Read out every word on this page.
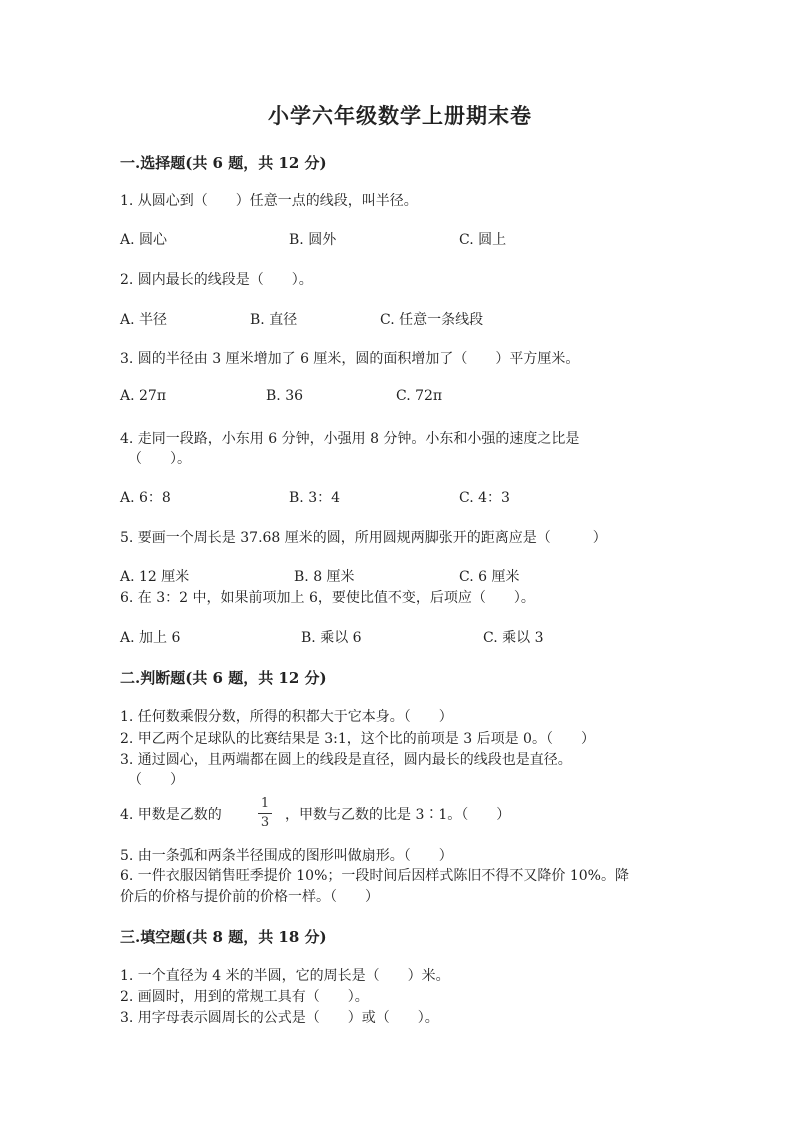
小学六年级数学上册期末卷
一.选择题(共 6 题，共 12 分)
1. 从圆心到（　　）任意一点的线段，叫半径。
A. 圆心	B. 圆外	C. 圆上
2. 圆内最长的线段是（　　）。
A. 半径	B. 直径	C. 任意一条线段
3. 圆的半径由 3 厘米增加了 6 厘米，圆的面积增加了（　　）平方厘米。
A. 27π	B. 36	C. 72π
4. 走同一段路，小东用 6 分钟，小强用 8 分钟。小东和小强的速度之比是
（　　）。
A. 6：8	B. 3：4	C. 4：3
5. 要画一个周长是 37.68 厘米的圆，所用圆规两脚张开的距离应是（　　　）
A. 12 厘米	B. 8 厘米	C. 6 厘米
6. 在 3：2 中，如果前项加上 6，要使比值不变，后项应（　　）。
A. 加上 6	B. 乘以 6	C. 乘以 3
二.判断题(共 6 题，共 12 分)
1. 任何数乘假分数，所得的积都大于它本身。（　　）
2. 甲乙两个足球队的比赛结果是 3:1，这个比的前项是 3 后项是 0。（　　）
3. 通过圆心，且两端都在圆上的线段是直径，圆内最长的线段也是直径。
（　　）
4. 甲数是乙数的
1
3 ，甲数与乙数的比是 3∶1。（　　）
5. 由一条弧和两条半径围成的图形叫做扇形。（　　）
6. 一件衣服因销售旺季提价 10%；一段时间后因样式陈旧不得不又降价 10%。降
价后的价格与提价前的价格一样。（　　）
三.填空题(共 8 题，共 18 分)
1. 一个直径为 4 米的半圆，它的周长是（　　）米。
2. 画圆时，用到的常规工具有（　　）。
3. 用字母表示圆周长的公式是（　　）或（　　）。
